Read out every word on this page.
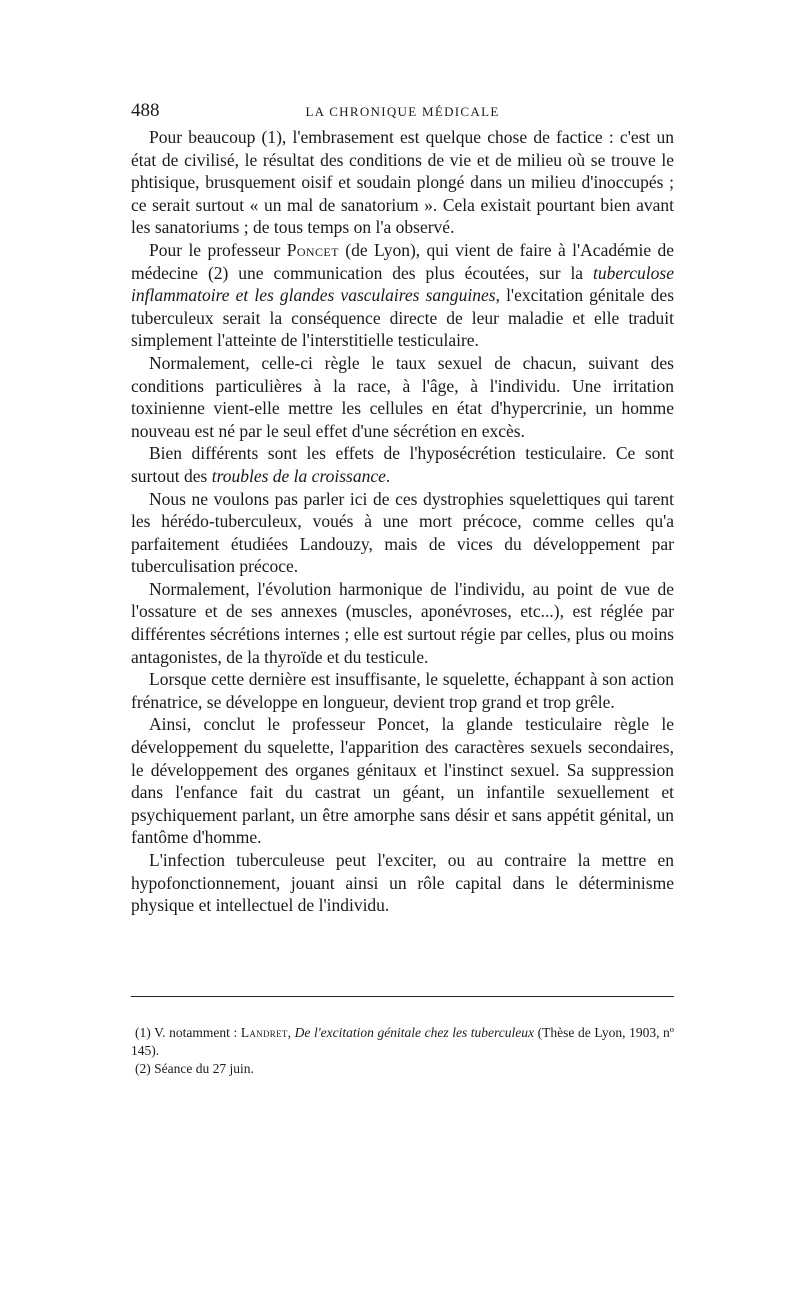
488	LA CHRONIQUE MÉDICALE

Pour beaucoup (1), l'embrasement est quelque chose de factice : c'est un état de civilisé, le résultat des conditions de vie et de milieu où se trouve le phtisique, brusquement oisif et soudain plongé dans un milieu d'inoccupés ; ce serait surtout « un mal de sanatorium ». Cela existait pourtant bien avant les sanatoriums ; de tous temps on l'a observé.

Pour le professeur Poncet (de Lyon), qui vient de faire à l'Académie de médecine (2) une communication des plus écoutées, sur la tuberculose inflammatoire et les glandes vasculaires sanguines, l'excitation génitale des tuberculeux serait la conséquence directe de leur maladie et elle traduit simplement l'atteinte de l'interstitielle testiculaire.

Normalement, celle-ci règle le taux sexuel de chacun, suivant des conditions particulières à la race, à l'âge, à l'individu. Une irritation toxinienne vient-elle mettre les cellules en état d'hypercrinie, un homme nouveau est né par le seul effet d'une sécrétion en excès.

Bien différents sont les effets de l'hyposécrétion testiculaire. Ce sont surtout des troubles de la croissance.

Nous ne voulons pas parler ici de ces dystrophies squelettiques qui tarent les hérédo-tuberculeux, voués à une mort précoce, comme celles qu'a parfaitement étudiées Landouzy, mais de vices du développement par tuberculisation précoce.

Normalement, l'évolution harmonique de l'individu, au point de vue de l'ossature et de ses annexes (muscles, aponévroses, etc...), est réglée par différentes sécrétions internes ; elle est surtout régie par celles, plus ou moins antagonistes, de la thyroïde et du testicule.

Lorsque cette dernière est insuffisante, le squelette, échappant à son action frénatrice, se développe en longueur, devient trop grand et trop grêle.

Ainsi, conclut le professeur Poncet, la glande testiculaire règle le développement du squelette, l'apparition des caractères sexuels secondaires, le développement des organes génitaux et l'instinct sexuel. Sa suppression dans l'enfance fait du castrat un géant, un infantile sexuellement et psychiquement parlant, un être amorphe sans désir et sans appétit génital, un fantôme d'homme.

L'infection tuberculeuse peut l'exciter, ou au contraire la mettre en hypofonctionnement, jouant ainsi un rôle capital dans le déterminisme physique et intellectuel de l'individu.

(1) V. notamment : Landret, De l'excitation génitale chez les tuberculeux (Thèse de Lyon, 1903, nº 145).

(2) Séance du 27 juin.
